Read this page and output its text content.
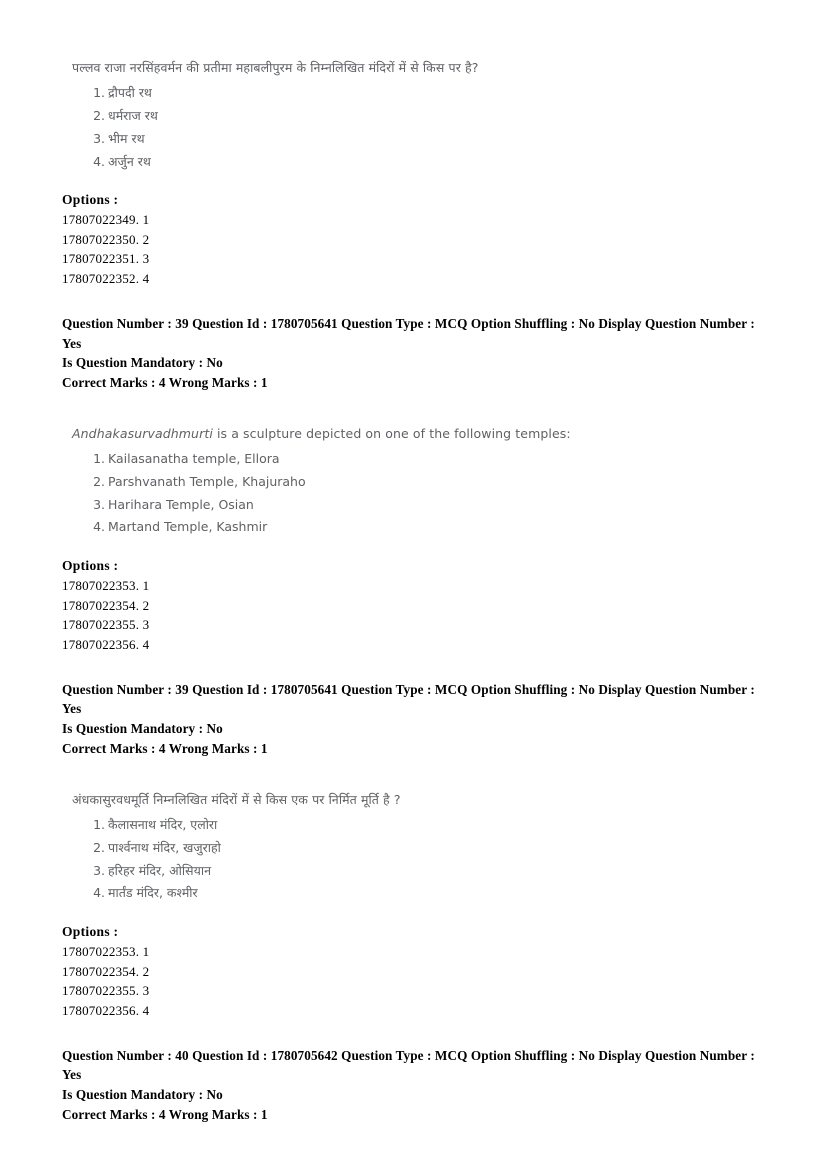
पल्लव राजा नरसिंहवर्मन की प्रतीमा महाबलीपुरम के निम्नलिखित मंदिरों में से किस पर है?
द्रौपदी रथ
धर्मराज रथ
भीम रथ
अर्जुन रथ
Options :
17807022349. 1
17807022350. 2
17807022351. 3
17807022352. 4
Question Number : 39 Question Id : 1780705641 Question Type : MCQ Option Shuffling : No Display Question Number : Yes
Is Question Mandatory : No
Correct Marks : 4 Wrong Marks : 1
Andhakasurvadhmurti is a sculpture depicted on one of the following temples:
Kailasanatha temple, Ellora
Parshvanath Temple, Khajuraho
Harihara Temple, Osian
Martand Temple, Kashmir
Options :
17807022353. 1
17807022354. 2
17807022355. 3
17807022356. 4
Question Number : 39 Question Id : 1780705641 Question Type : MCQ Option Shuffling : No Display Question Number : Yes
Is Question Mandatory : No
Correct Marks : 4 Wrong Marks : 1
अंधकासुरवधमूर्ति निम्नलिखित मंदिरों में से किस एक पर निर्मित मूर्ति है ?
कैलासनाथ मंदिर, एलोरा
पार्श्वनाथ मंदिर, खजुराहो
हरिहर मंदिर, ओसियान
मार्तंड मंदिर, कश्मीर
Options :
17807022353. 1
17807022354. 2
17807022355. 3
17807022356. 4
Question Number : 40 Question Id : 1780705642 Question Type : MCQ Option Shuffling : No Display Question Number : Yes
Is Question Mandatory : No
Correct Marks : 4 Wrong Marks : 1
